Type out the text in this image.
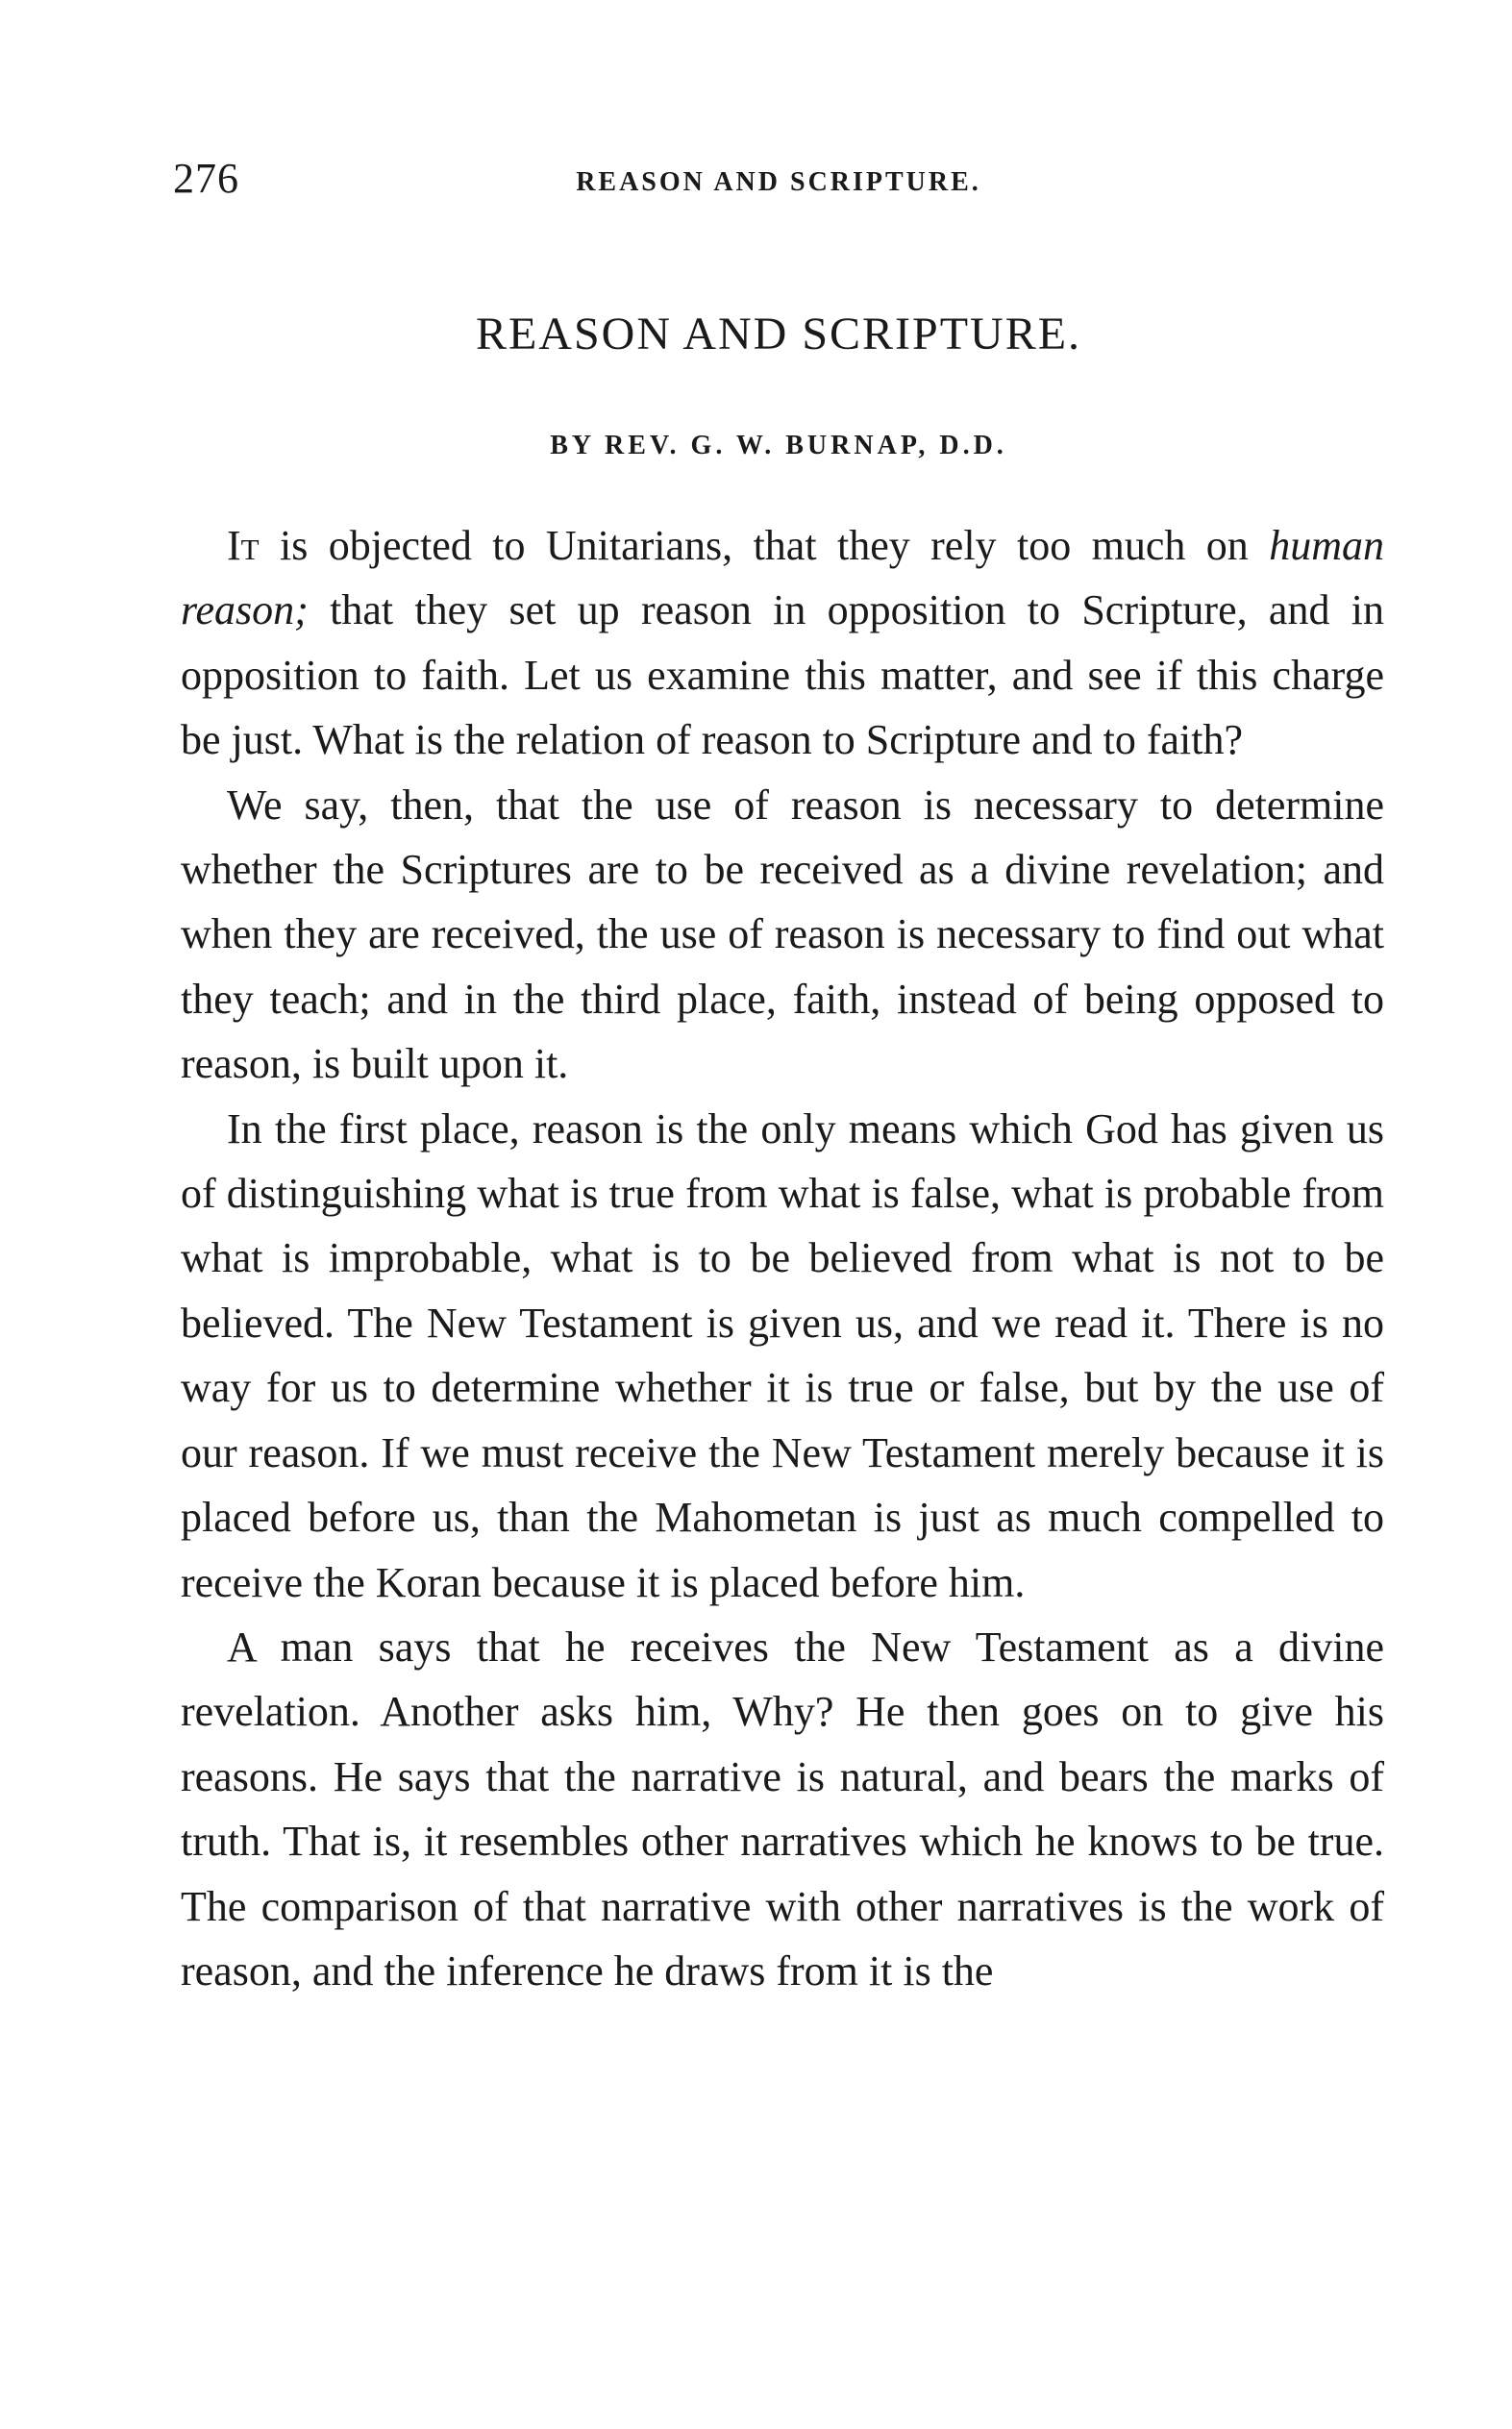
276	REASON AND SCRIPTURE.
REASON AND SCRIPTURE.
BY REV. G. W. BURNAP, D.D.

It is objected to Unitarians, that they rely too much on human reason; that they set up reason in opposition to Scripture, and in opposition to faith. Let us examine this matter, and see if this charge be just. What is the relation of reason to Scripture and to faith?

We say, then, that the use of reason is necessary to determine whether the Scriptures are to be received as a divine revelation; and when they are received, the use of reason is necessary to find out what they teach; and in the third place, faith, instead of being opposed to reason, is built upon it.

In the first place, reason is the only means which God has given us of distinguishing what is true from what is false, what is probable from what is improbable, what is to be believed from what is not to be believed. The New Testament is given us, and we read it. There is no way for us to determine whether it is true or false, but by the use of our reason. If we must receive the New Testament merely because it is placed before us, than the Mahometan is just as much compelled to receive the Koran because it is placed before him.

A man says that he receives the New Testament as a divine revelation. Another asks him, Why? He then goes on to give his reasons. He says that the narrative is natural, and bears the marks of truth. That is, it resembles other narratives which he knows to be true. The comparison of that narrative with other narratives is the work of reason, and the inference he draws from it is the
